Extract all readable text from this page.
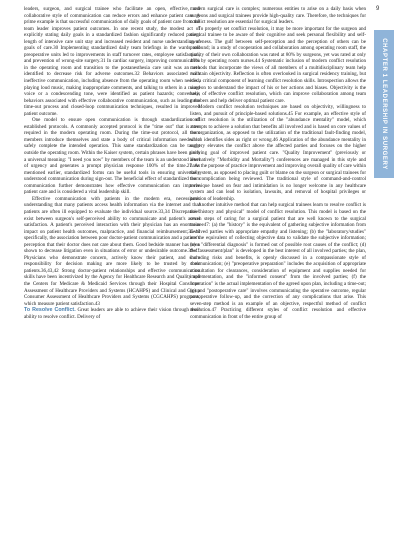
leaders, surgeon, and surgical trainee who facilitate an open, effective, and collaborative style of communication can reduce errors and enhance patient care. A prime example is that successful communication of daily goals of patient care from the team leader improves patient outcomes. In one recent study, the modest act of explicitly stating daily goals in a standardized fashion significantly reduced patient length of intensive care unit stay and increased resident and nurse understanding of goals of care.30 Implementing standardized daily team briefings in the wards and preoperative units led to improvements in staff turnover rates, employee satisfaction, and prevention of wrong-site surgery.31 In cardiac surgery, improving communication in the operating room and transition to the postanesthesia care unit was an area identified to decrease risk for adverse outcomes.32 Behaviors associated with ineffective communication, including absence from the operating room when needed, playing loud music, making inappropriate comments, and talking to others in a raised voice or a condescending tone, were identified as patient hazards; conversely, behaviors associated with effective collaborative communication, such as leading the time-out process and closed-loop communication techniques, resulted in improved patient outcome.

One model to ensure open communication is through standardization of established protocols. A commonly accepted protocol is the "time out" that is now required in the modern operating room. During the time-out protocol, all team members introduce themselves and state a body of critical information needed to safely complete the intended operation. This same standardization can be taught outside the operating room. Within the Kaiser system, certain phrases have been given a universal meaning: "I need you now" by members of the team is an understood level of urgency and generates a prompt physician response 100% of the time.27 As mentioned earlier, standardized forms can be useful tools in ensuring universally understood communication during sign-out. The beneficial effect of standardized team communication further demonstrates how effective communication can improve patient care and is considered a vital leadership skill.

Effective communication with patients in the modern era, necessitates understanding that many patients access health information via the internet and that patients are often ill equipped to evaluate the individual source.33,34 Discrepancies exist between surgeon's self-perceived ability to communicate and patient's actual satisfaction. A patient's perceived interaction with their physician has an enormous impact on patient health outcomes, malpractice, and financial reimbursement;35-40 specifically, the association between poor doctor-patient communication and a patient's perception that their doctor does not care about them. Good bedside manner has been shown to decrease litigation even in situations of error or undesirable outcome.39-41 Physicians who demonstrate concern, actively know their patient, and share responsibility for decision making are more likely to be trusted by their patients.36,43,42 Strong doctor-patient relationships and effective communication skills have been incentivized by the Agency for Healthcare Research and Quality and the Centers for Medicare & Medicaid Services through their Hospital Consumer Assessment of Healthcare Providers and Systems (HCAHPS) and Clinical and Group Consumer Assessment of Healthcare Providers and Systems (CGCAHPS) programs, which measure patient satisfaction.43

To Resolve Conflict. Great leaders are able to achieve their vision through their ability to resolve conflict. Delivery of

modern surgical care is complex; numerous entities to arise on a daily basis when surgeons and surgical trainees provide high-quality care. Therefore, the techniques for conflict resolution are essential for surgical leaders.

To properly set conflict resolution, it may be more important for the surgeon and surgical trainee to be aware of their cognitive and seek personal flexibility and self-awareness. The gulf between self-perception and the perception of others can be profound; in a study of cooperation and collaboration among operating room staff, the quality of their own collaboration was rated at 80% by surgeons, yet was rated at only 48% by operating room nurses.44 Systematic inclusion of modern conflict resolution methods that incorporate the views of all members of a multidisciplinary team help maintain objectivity. Reflection is often overlooked in surgical residency training, but it is a critical component of learning conflict resolution skills. Introspection allows the surgeon to understand the impact of his or her actions and biases. Objectivity is the basis of effective conflict resolution, which can improve collaboration among team members and help deliver optimal patient care.

Modern conflict resolution techniques are based on objectivity, willingness to listen, and pursuit of principle-based solutions.45 For example, an effective style of conflict resolution is the utilization of the "abundance mentality" model, which attempts to achieve a solution that benefits all involved and is based on core values of the organization, as opposed to the utilization of the traditional fault-finding model, which identifies sides as right or wrong.46 Application of the abundance mentality in surgery elevates the conflict above the affected parties and focuses on the higher unifying goal of improved patient care. "Quality Improvement" (previously or alternatively "Morbidity and Mortality") conferences are managed in this style and have the purpose of practice improvement and improving overall quality of care within the system, as opposed to placing guilt or blame on the surgeon or surgical trainees for the complication being reviewed. The traditional style of command-and-control technique based on fear and intimidation is no longer welcome in any healthcare system and can lead to isolation, lawsuits, and removal of hospital privileges or position of leadership.

Another intuitive method that can help surgical trainees learn to resolve conflict is the "history and physical" model of conflict resolution. This model is based on the seven steps of caring for a surgical patient that are well known to the surgical trainee47: (a) the "history" is the equivalent of gathering subjective information from involved parties with appropriate empathy and listening; (b) the "laboratory/studies" are the equivalent of collecting objective data to validate the subjective information; (c) a "differential diagnosis" is formed out of possible root causes of the conflict; (d) the "assessment/plan" is developed in the best interest of all involved parties; the plan, including risks and benefits, is openly discussed in a compassionate style of communication; (e) "preoperative preparation" includes the acquisition of appropriate consultation for clearances, consideration of equipment and supplies needed for implementation, and the "informed consent" from the involved parties; (f) the "operation" is the actual implementation of the agreed upon plan, including a time-out; (g) and "postoperative care" involves communicating the operative outcome, regular postoperative follow-up, and the correction of any complications that arise. This seven-step method is an example of an objective, respectful method of conflict resolution.47 Practicing different styles of conflict resolution and effective communication in front of the entire group of

9
CHAPTER 1 LEADERSHIP IN SURGERY
